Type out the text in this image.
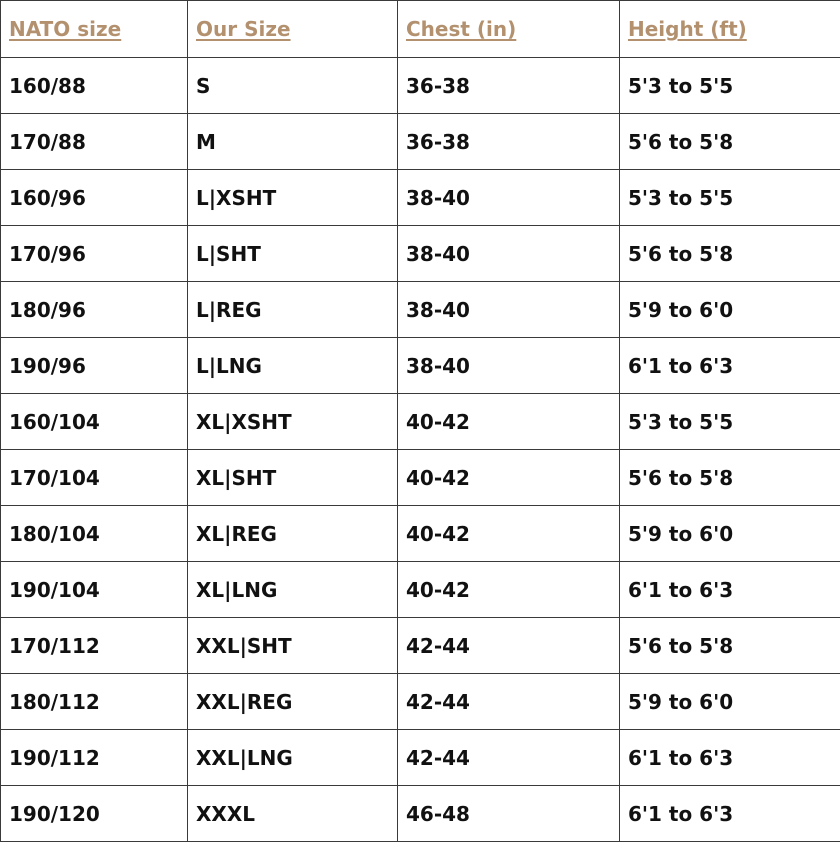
NATO size	Our Size	Chest (in)	Height (ft)
160/88	S	36-38	5'3 to 5'5
170/88	M	36-38	5'6 to 5'8
160/96	L|XSHT	38-40	5'3 to 5'5
170/96	L|SHT	38-40	5'6 to 5'8
180/96	L|REG	38-40	5'9 to 6'0
190/96	L|LNG	38-40	6'1 to 6'3
160/104	XL|XSHT	40-42	5'3 to 5'5
170/104	XL|SHT	40-42	5'6 to 5'8
180/104	XL|REG	40-42	5'9 to 6'0
190/104	XL|LNG	40-42	6'1 to 6'3
170/112	XXL|SHT	42-44	5'6 to 5'8
180/112	XXL|REG	42-44	5'9 to 6'0
190/112	XXL|LNG	42-44	6'1 to 6'3
190/120	XXXL	46-48	6'1 to 6'3
